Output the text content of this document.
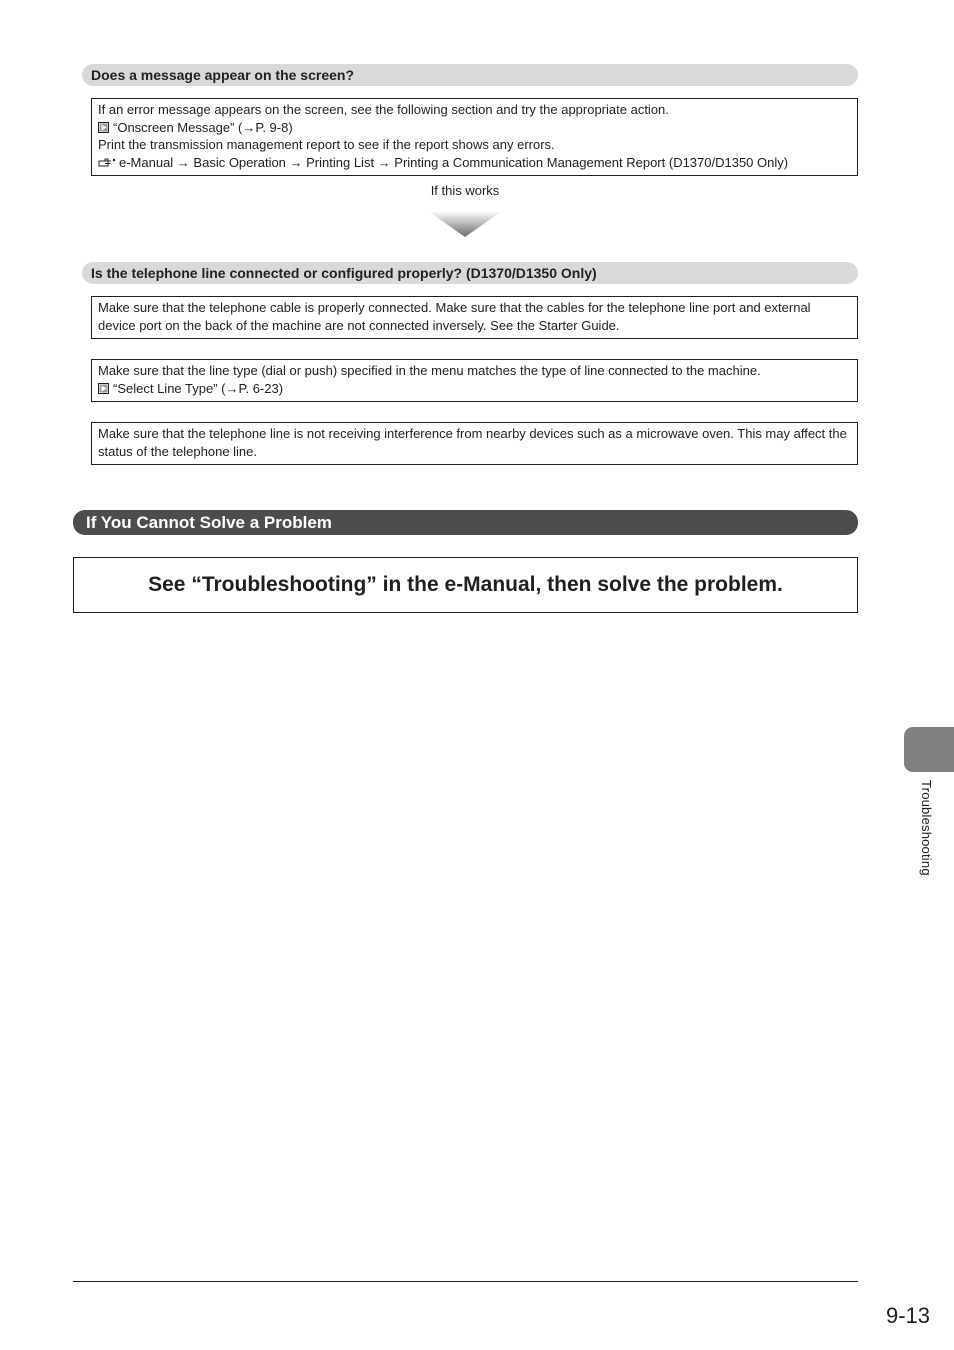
Does a message appear on the screen?
If an error message appears on the screen, see the following section and try the appropriate action.
“Onscreen Message” (→P. 9-8)
Print the transmission management report to see if the report shows any errors.
e-Manual → Basic Operation → Printing List → Printing a Communication Management Report (D1370/D1350 Only)
If this works
Is the telephone line connected or configured properly? (D1370/D1350 Only)
Make sure that the telephone cable is properly connected. Make sure that the cables for the telephone line port and external device port on the back of the machine are not connected inversely. See the Starter Guide.
Make sure that the line type (dial or push) specified in the menu matches the type of line connected to the machine.
“Select Line Type” (→P. 6-23)
Make sure that the telephone line is not receiving interference from nearby devices such as a microwave oven. This may affect the status of the telephone line.
If You Cannot Solve a Problem
See “Troubleshooting” in the e-Manual, then solve the problem.
Troubleshooting
9-13
